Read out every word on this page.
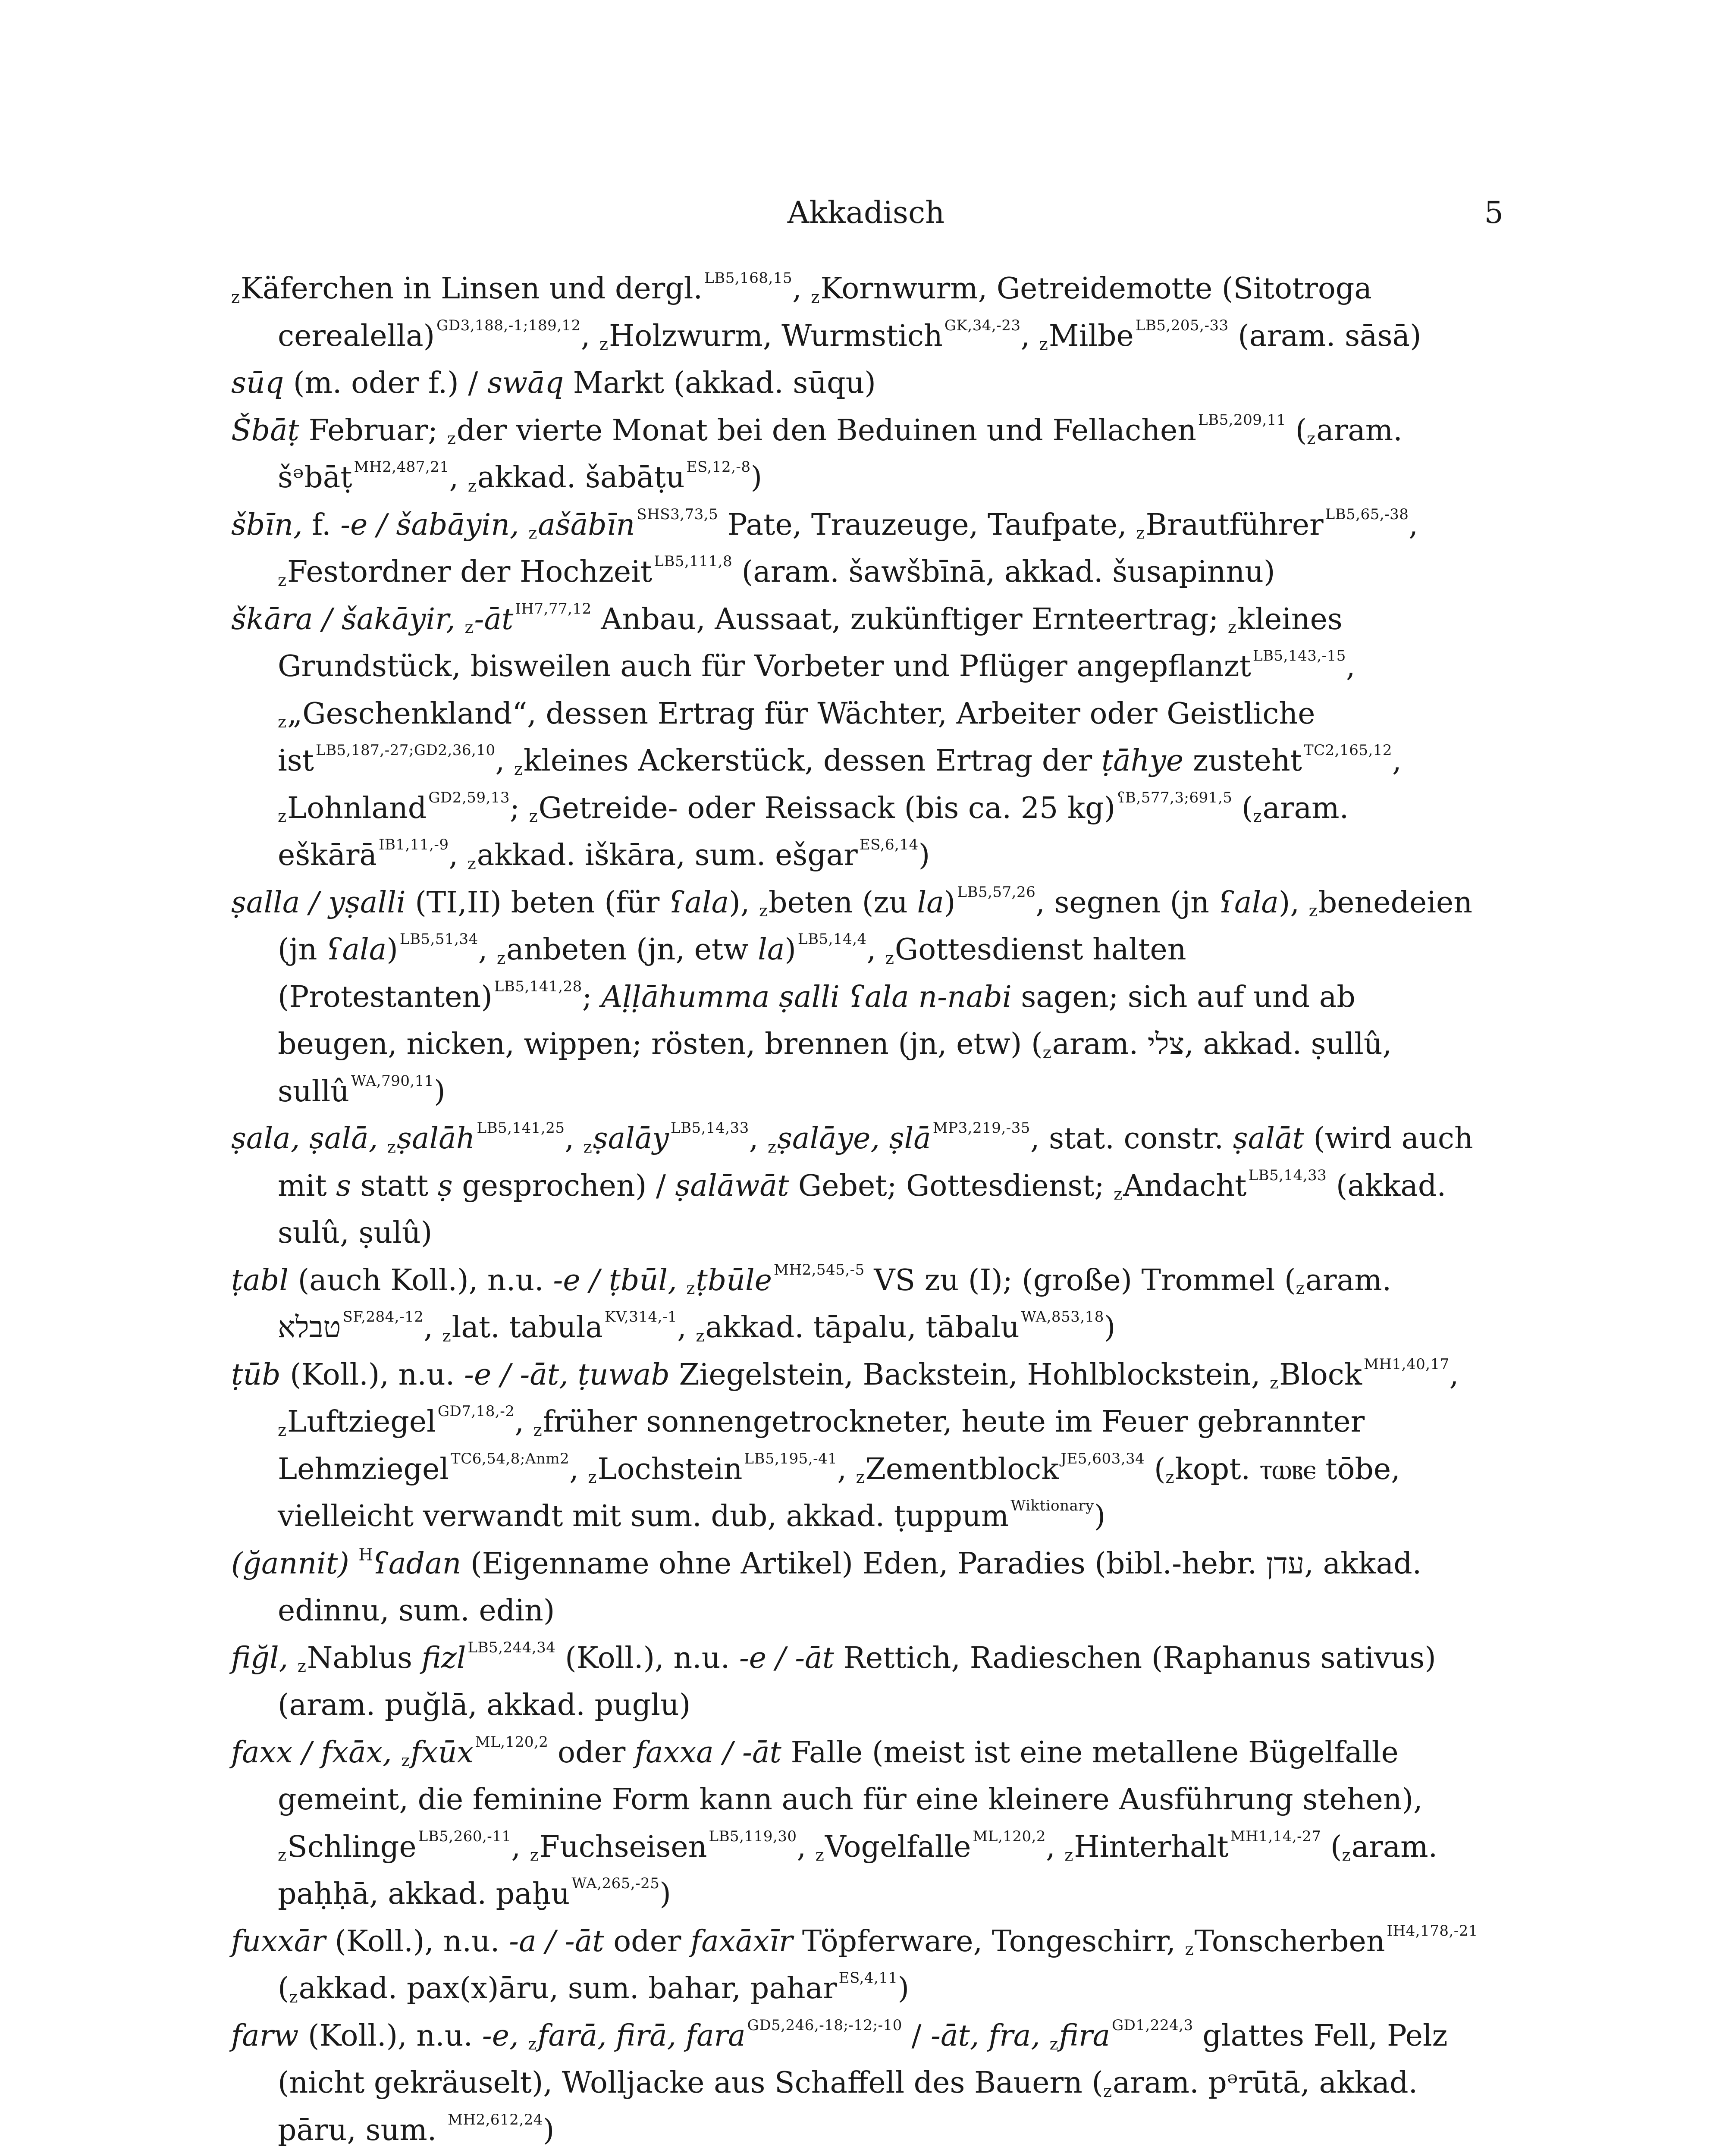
Akkadisch	5

$_z$Käferchen in Linsen und dergl. $^{LB5,168,15}$, $_z$Kornwurm, Getreidemotte (Sitotroga cerealella) $^{GD3,188,-1;189,12}$, $_z$Holzwurm, Wurmstich $^{GK,34,-23}$, $_z$Milbe $^{LB5,205,-33}$ (aram. sāsā)

sūq (m. oder f.) / swāq Markt (akkad. sūqu)

Šbāṭ Februar; $_z$der vierte Monat bei den Beduinen und Fellachen $^{LB5,209,11}$ ($_zaram$. šᵊbāṭ $^{MH2,487,21}$, $_z$akkad. šabāṭu $^{ES,12,-8}$)

šbīn, f. -e / šabāyin, $_z$ašābīn $^{SHS3,73,5}$ Pate, Trauzeuge, Taufpate, $_z$Brautführer $^{LB5,65,-38}$, $_z$Festordner der Hochzeit $^{LB5,111,8}$ (aram. šawšbīnā, akkad. šusapinnu)

škāra / šakāyir, $_z$-āt $^{IH7,77,12}$ Anbau, Aussaat, zukünftiger Ernteertrag; $_z$kleines Grundstück, bisweilen auch für Vorbeter und Pflüger angepflanzt $^{LB5,143,-15}$, $_z$„Geschenkland“, dessen Ertrag für Wächter, Arbeiter oder Geistliche ist $^{LB5,187,-27;GD2,36,10}$, $_z$kleines Ackerstück, dessen Ertrag der ṭāhye zusteht $^{TC2,165,12}$, $_z$Lohnland $^{GD2,59,13}$; $_z$Getreide- oder Reissack (bis ca. 25 kg) $^{ʕB,577,3;691,5}$ ($_zaram$. eškārā $^{IB1,11,-9}$, $_z$akkad. iškāra, sum. ešgar $^{ES,6,14}$)

ṣalla / yṣalli (TI,II) beten (für ʕala), $_z$beten (zu la) $^{LB5,57,26}$, segnen (jn ʕala), $_z$benedeien (jn ʕala) $^{LB5,51,34}$, $_z$anbeten (jn, etw la) $^{LB5,14,4}$, $_z$Gottesdienst halten (Protestanten) $^{LB5,141,28}$; Aḷḷāhumma ṣalli ʕala n-nabi sagen; sich auf und ab beugen, nicken, wippen; rösten, brennen (jn, etw) ($_zaram$. צלי, akkad. ṣullû, sullû $^{WA,790,11}$)

ṣala, ṣalā, $_z$ṣalāh $^{LB5,141,25}$, $_z$ṣalāy $^{LB5,14,33}$, $_z$ṣalāye, ṣlā $^{MP3,219,-35}$, stat. constr. ṣalāt (wird auch mit s statt ṣ gesprochen) / ṣalāwāt Gebet; Gottesdienst; $_z$Andacht $^{LB5,14,33}$ (akkad. sulû, ṣulû)

ṭabl (auch Koll.), n.u. -e / ṭbūl, $_z$ṭbūle $^{MH2,545,-5}$ VS zu (I); (große) Trommel ($_zaram$. טבלא $^{SF,284,-12}$, $_z$lat. tabula $^{KV,314,-1}$, $_z$akkad. tāpalu, tābalu $^{WA,853,18}$)

ṭūb (Koll.), n.u. -e / -āt, ṭuwab Ziegelstein, Backstein, Hohlblockstein, $_z$Block $^{MH1,40,17}$, $_z$Luftziegel $^{GD7,18,-2}$, $_z$früher sonnengetrockneter, heute im Feuer gebrannter Lehmziegel $^{TC6,54,8;Anm2}$, $_z$Lochstein $^{LB5,195,-41}$, $_z$Zementblock $^{JE5,603,34}$ ($_zkopt$. ⲧⲱⲃⲉ tōbe, vielleicht verwandt mit sum. dub, akkad. ṭuppum $^{Wiktionary}$)

(ğannit) $^H$ʕadan (Eigenname ohne Artikel) Eden, Paradies (bibl.-hebr. עדן, akkad. edinnu, sum. edin)

fiğl, $_z$Nablus fizl $^{LB5,244,34}$ (Koll.), n.u. -e / -āt Rettich, Radieschen (Raphanus sativus) (aram. puğlā, akkad. puglu)

faxx / fxāx, $_z$fxūx $^{ML,120,2}$ oder faxxa / -āt Falle (meist ist eine metallene Bügelfalle gemeint, die feminine Form kann auch für eine kleinere Ausführung stehen), $_z$Schlinge $^{LB5,260,-11}$, $_z$Fuchseisen $^{LB5,119,30}$, $_z$Vogelfalle $^{ML,120,2}$, $_z$Hinterhalt $^{MH1,14,-27}$ ($_zaram$. paḥḥā, akkad. paḫu $^{WA,265,-25}$)

fuxxār (Koll.), n.u. -a / -āt oder faxāxīr Töpferware, Tongeschirr, $_z$Tonscherben $^{IH4,178,-21}$ ($_zakkad$. pax(x)āru, sum. bahar, pahar $^{ES,4,11}$)

farw (Koll.), n.u. -e, $_z$farā, firā, fara $^{GD5,246,-18;-12;-10}$ / -āt, fra, $_z$fira $^{GD1,224,3}$ glattes Fell, Pelz (nicht gekräuselt), Wolljacke aus Schaffell des Bauern ($_zaram$. pᵊrūtā, akkad. pāru, sum. $^{MH2,612,24}$)
